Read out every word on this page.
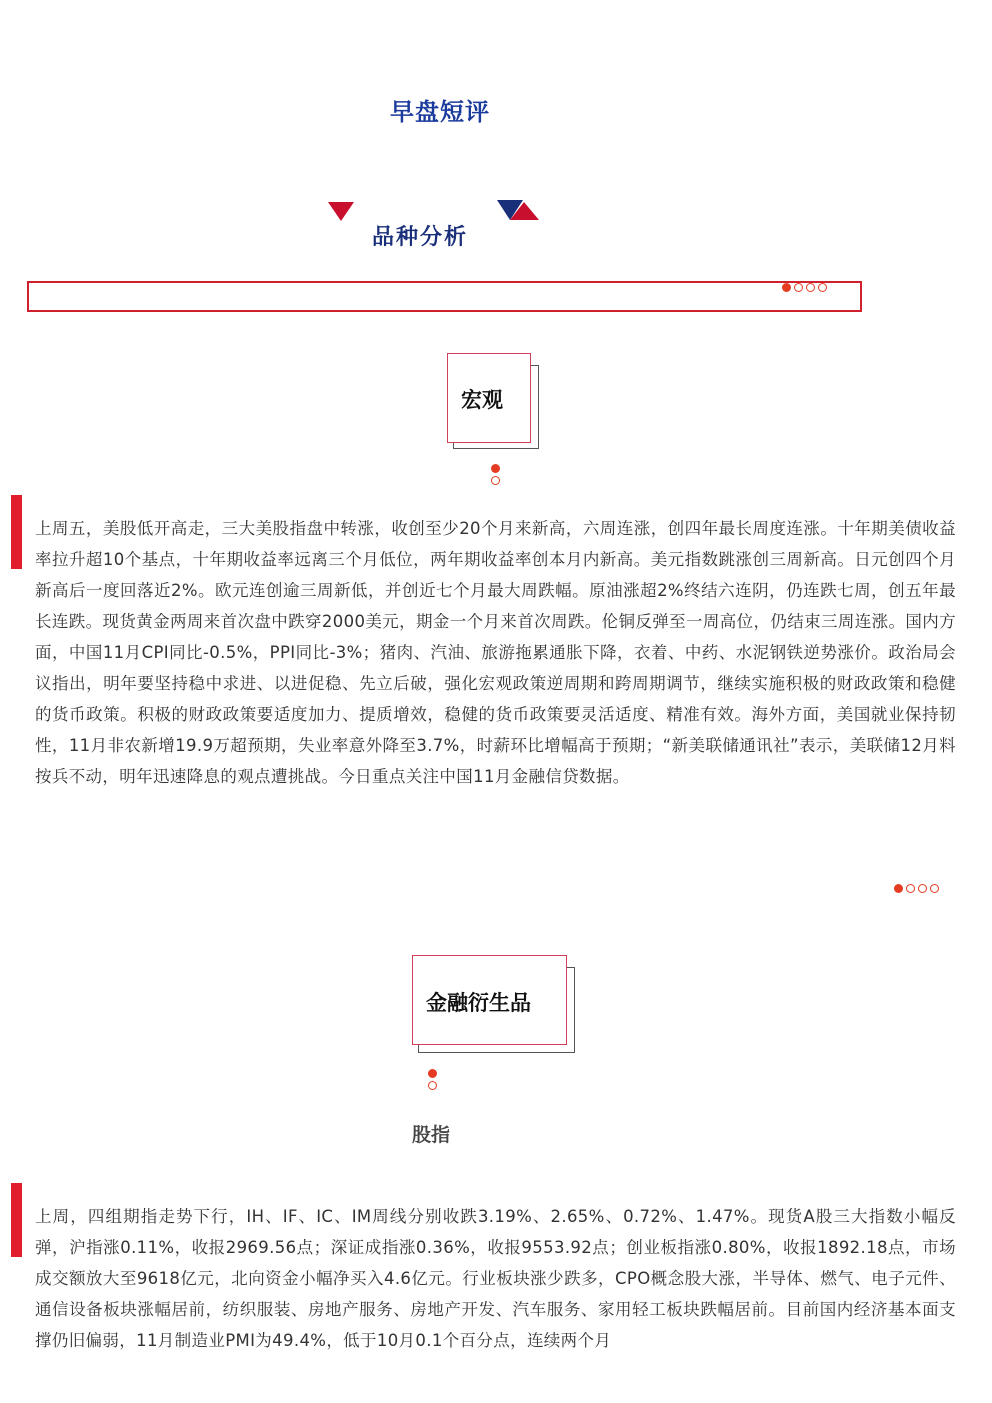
早盘短评
品种分析
宏观
上周五，美股低开高走，三大美股指盘中转涨，收创至少20个月来新高，六周连涨，创四年最长周度连涨。十年期美债收益率拉升超10个基点，十年期收益率远离三个月低位，两年期收益率创本月内新高。美元指数跳涨创三周新高。日元创四个月新高后一度回落近2%。欧元连创逾三周新低，并创近七个月最大周跌幅。原油涨超2%终结六连阴，仍连跌七周，创五年最长连跌。现货黄金两周来首次盘中跌穿2000美元，期金一个月来首次周跌。伦铜反弹至一周高位，仍结束三周连涨。国内方面，中国11月CPI同比-0.5%，PPI同比-3%；猪肉、汽油、旅游拖累通胀下降，衣着、中药、水泥钢铁逆势涨价。政治局会议指出，明年要坚持稳中求进、以进促稳、先立后破，强化宏观政策逆周期和跨周期调节，继续实施积极的财政政策和稳健的货币政策。积极的财政政策要适度加力、提质增效，稳健的货币政策要灵活适度、精准有效。海外方面，美国就业保持韧性，11月非农新增19.9万超预期，失业率意外降至3.7%，时薪环比增幅高于预期；“新美联储通讯社”表示，美联储12月料按兵不动，明年迅速降息的观点遭挑战。今日重点关注中国11月金融信贷数据。
金融衍生品
股指
上周，四组期指走势下行，IH、IF、IC、IM周线分别收跌3.19%、2.65%、0.72%、1.47%。现货A股三大指数小幅反弹，沪指涨0.11%，收报2969.56点；深证成指涨0.36%，收报9553.92点；创业板指涨0.80%，收报1892.18点，市场成交额放大至9618亿元，北向资金小幅净买入4.6亿元。行业板块涨少跌多，CPO概念股大涨，半导体、燃气、电子元件、通信设备板块涨幅居前，纺织服装、房地产服务、房地产开发、汽车服务、家用轻工板块跌幅居前。目前国内经济基本面支撑仍旧偏弱，11月制造业PMI为49.4%，低于10月0.1个百分点，连续两个月
